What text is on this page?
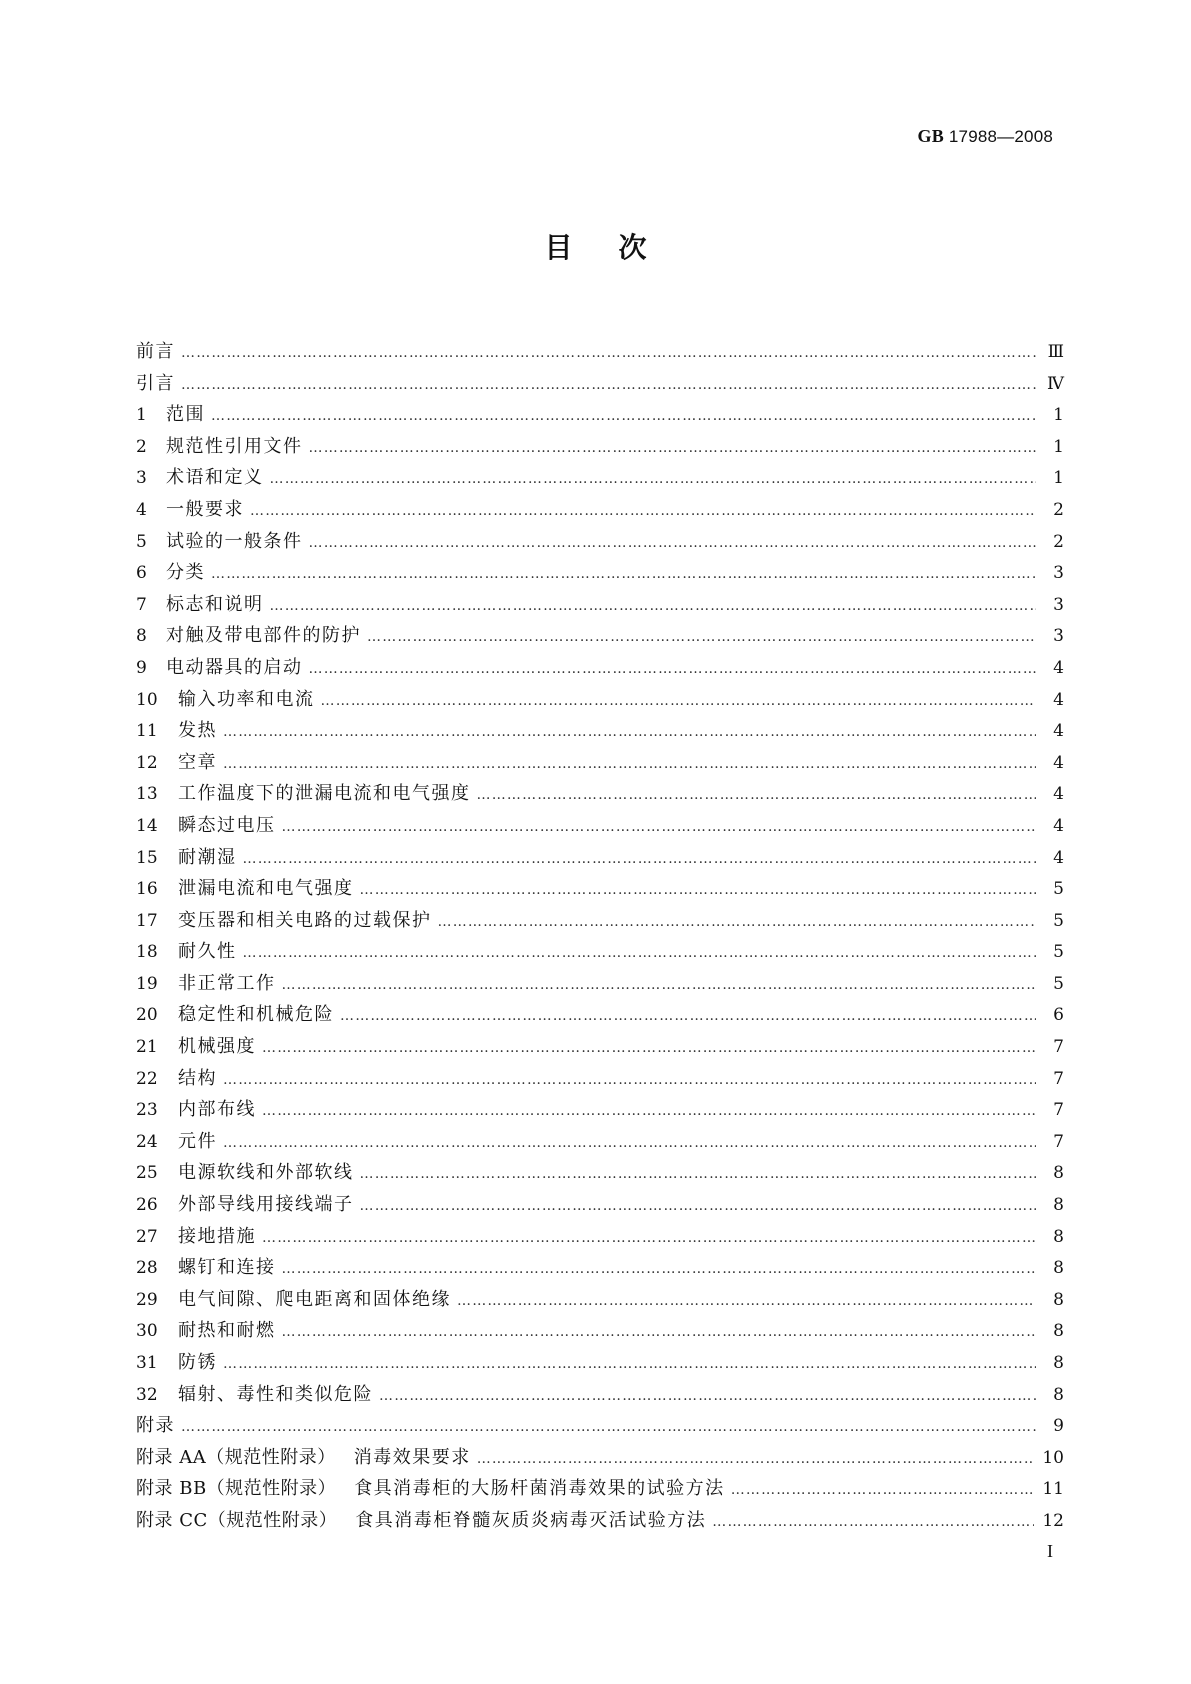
GB 17988—2008
目次
前言 …………………………………………………………………………………………………………………………………………………………	Ⅲ
引言 …………………………………………………………………………………………………………………………………………………………	Ⅳ
1	范围 …………………………………………………………………………………………………………………………………………………………	1
2	规范性引用文件 …………………………………………………………………………………………………………………………………………………………	1
3	术语和定义 …………………………………………………………………………………………………………………………………………………………	1
4	一般要求 …………………………………………………………………………………………………………………………………………………………	2
5	试验的一般条件 …………………………………………………………………………………………………………………………………………………………	2
6	分类 …………………………………………………………………………………………………………………………………………………………	3
7	标志和说明 …………………………………………………………………………………………………………………………………………………………	3
8	对触及带电部件的防护 …………………………………………………………………………………………………………………………………………………………	3
9	电动器具的启动 …………………………………………………………………………………………………………………………………………………………	4
10	输入功率和电流 …………………………………………………………………………………………………………………………………………………………	4
11	发热 …………………………………………………………………………………………………………………………………………………………	4
12	空章 …………………………………………………………………………………………………………………………………………………………	4
13	工作温度下的泄漏电流和电气强度 …………………………………………………………………………………………………………………………………………………………	4
14	瞬态过电压 …………………………………………………………………………………………………………………………………………………………	4
15	耐潮湿 …………………………………………………………………………………………………………………………………………………………	4
16	泄漏电流和电气强度 …………………………………………………………………………………………………………………………………………………………	5
17	变压器和相关电路的过载保护 …………………………………………………………………………………………………………………………………………………………	5
18	耐久性 …………………………………………………………………………………………………………………………………………………………	5
19	非正常工作 …………………………………………………………………………………………………………………………………………………………	5
20	稳定性和机械危险 …………………………………………………………………………………………………………………………………………………………	6
21	机械强度 …………………………………………………………………………………………………………………………………………………………	7
22	结构 …………………………………………………………………………………………………………………………………………………………	7
23	内部布线 …………………………………………………………………………………………………………………………………………………………	7
24	元件 …………………………………………………………………………………………………………………………………………………………	7
25	电源软线和外部软线 …………………………………………………………………………………………………………………………………………………………	8
26	外部导线用接线端子 …………………………………………………………………………………………………………………………………………………………	8
27	接地措施 …………………………………………………………………………………………………………………………………………………………	8
28	螺钉和连接 …………………………………………………………………………………………………………………………………………………………	8
29	电气间隙、爬电距离和固体绝缘 …………………………………………………………………………………………………………………………………………………………	8
30	耐热和耐燃 …………………………………………………………………………………………………………………………………………………………	8
31	防锈 …………………………………………………………………………………………………………………………………………………………	8
32	辐射、毒性和类似危险 …………………………………………………………………………………………………………………………………………………………	8
附录 …………………………………………………………………………………………………………………………………………………………	9
附录 AA（规范性附录） 消毒效果要求 …………………………………………………………………………………………………………………………………………………………	10
附录 BB（规范性附录） 食具消毒柜的大肠杆菌消毒效果的试验方法 …………………………………………………………………………………………………………………………………………………………	11
附录 CC（规范性附录） 食具消毒柜脊髓灰质炎病毒灭活试验方法 …………………………………………………………………………………………………………………………………………………………	12
I
